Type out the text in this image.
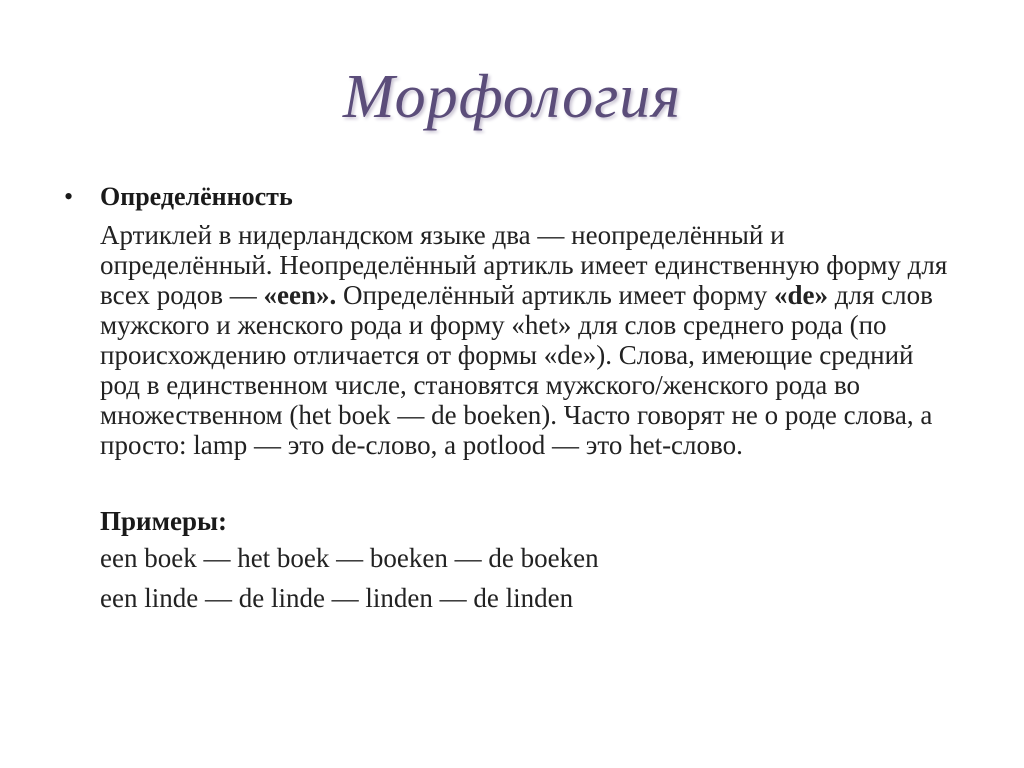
Морфология
• Определённость
Артиклей в нидерландском языке два — неопределённый и определённый. Неопределённый артикль имеет единственную форму для всех родов — «een». Определённый артикль имеет форму «de» для слов мужского и женского рода и форму «het» для слов среднего рода (по происхождению отличается от формы «de»). Слова, имеющие средний род в единственном числе, становятся мужского/женского рода во множественном (het boek — de boeken). Часто говорят не о роде слова, а просто: lamp — это de-слово, а potlood — это het-слово.
Примеры:
een boek — het boek — boeken — de boeken
een linde — de linde — linden — de linden
